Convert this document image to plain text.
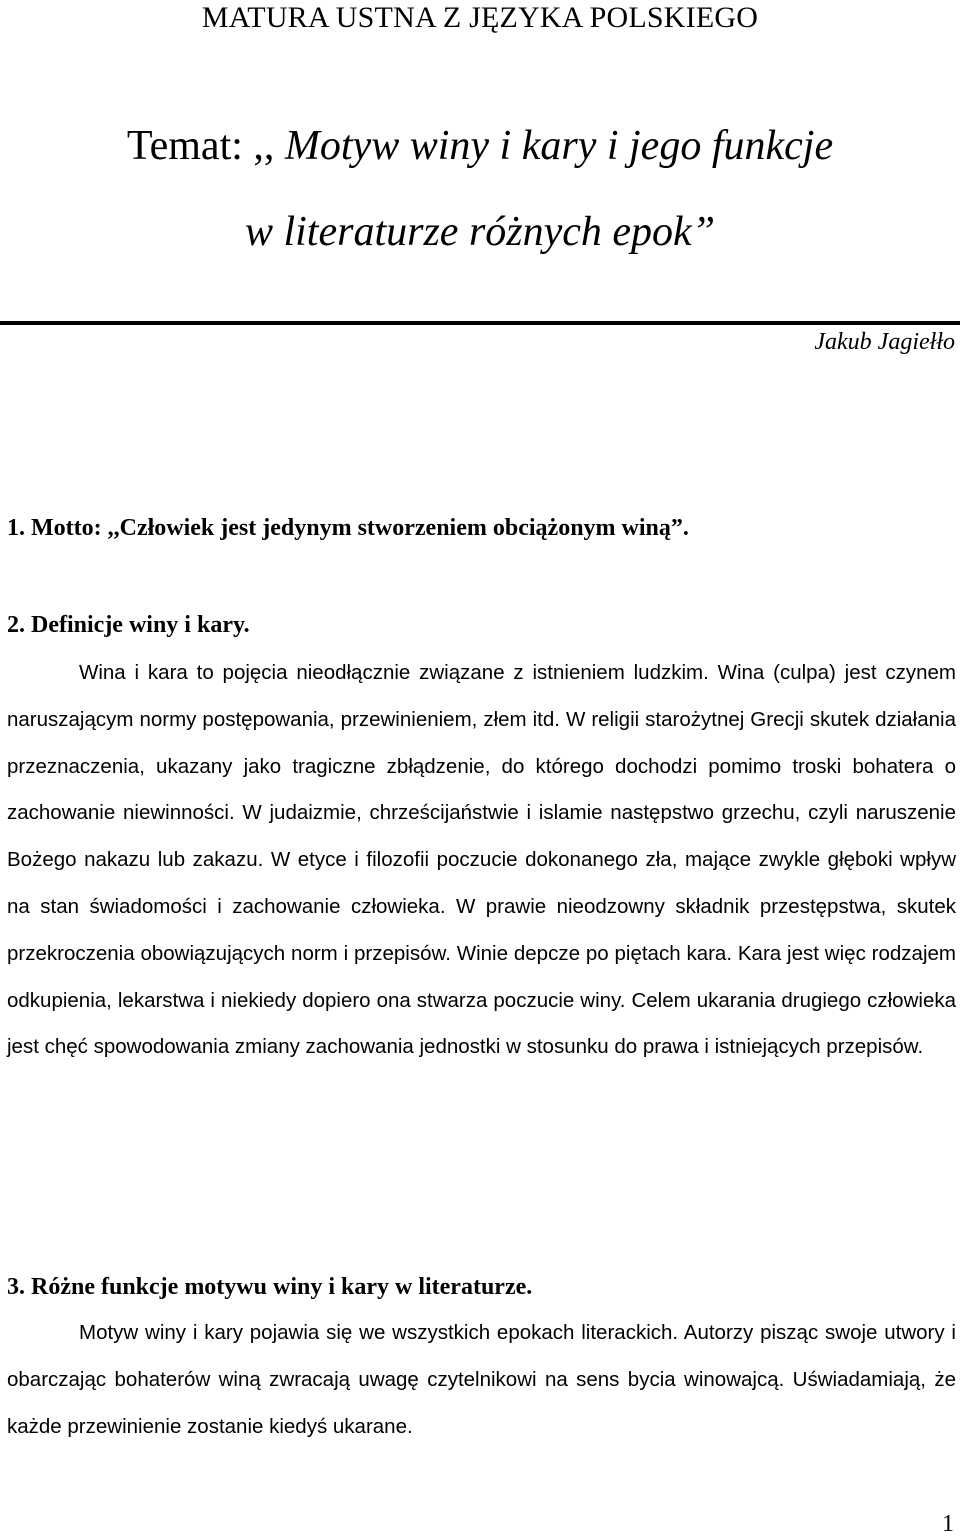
MATURA USTNA Z JĘZYKA POLSKIEGO
Temat: ,, Motyw winy i kary i jego funkcje
w literaturze różnych epok”
Jakub Jagiełło
1. Motto: ,,Człowiek jest jedynym stworzeniem obciążonym winą”.
2. Definicje winy i kary.
Wina i kara to pojęcia nieodłącznie związane z istnieniem ludzkim. Wina (culpa) jest czynem naruszającym normy postępowania, przewinieniem, złem itd. W religii starożytnej Grecji skutek działania przeznaczenia, ukazany jako tragiczne zbłądzenie, do którego dochodzi pomimo troski bohatera o zachowanie niewinności. W judaizmie, chrześcijaństwie i islamie następstwo grzechu, czyli naruszenie Bożego nakazu lub zakazu. W etyce i filozofii poczucie dokonanego zła, mające zwykle głęboki wpływ na stan świadomości i zachowanie człowieka. W prawie nieodzowny składnik przestępstwa, skutek przekroczenia obowiązujących norm i przepisów. Winie depcze po piętach kara. Kara jest więc rodzajem odkupienia, lekarstwa i niekiedy dopiero ona stwarza poczucie winy. Celem ukarania drugiego człowieka jest chęć spowodowania zmiany zachowania jednostki w stosunku do prawa i istniejących przepisów.
3. Różne funkcje motywu winy i kary w literaturze.
Motyw winy i kary pojawia się we wszystkich epokach literackich. Autorzy pisząc swoje utwory i obarczając bohaterów winą zwracają uwagę czytelnikowi na sens bycia winowajcą. Uświadamiają, że każde przewinienie zostanie kiedyś ukarane.
1
